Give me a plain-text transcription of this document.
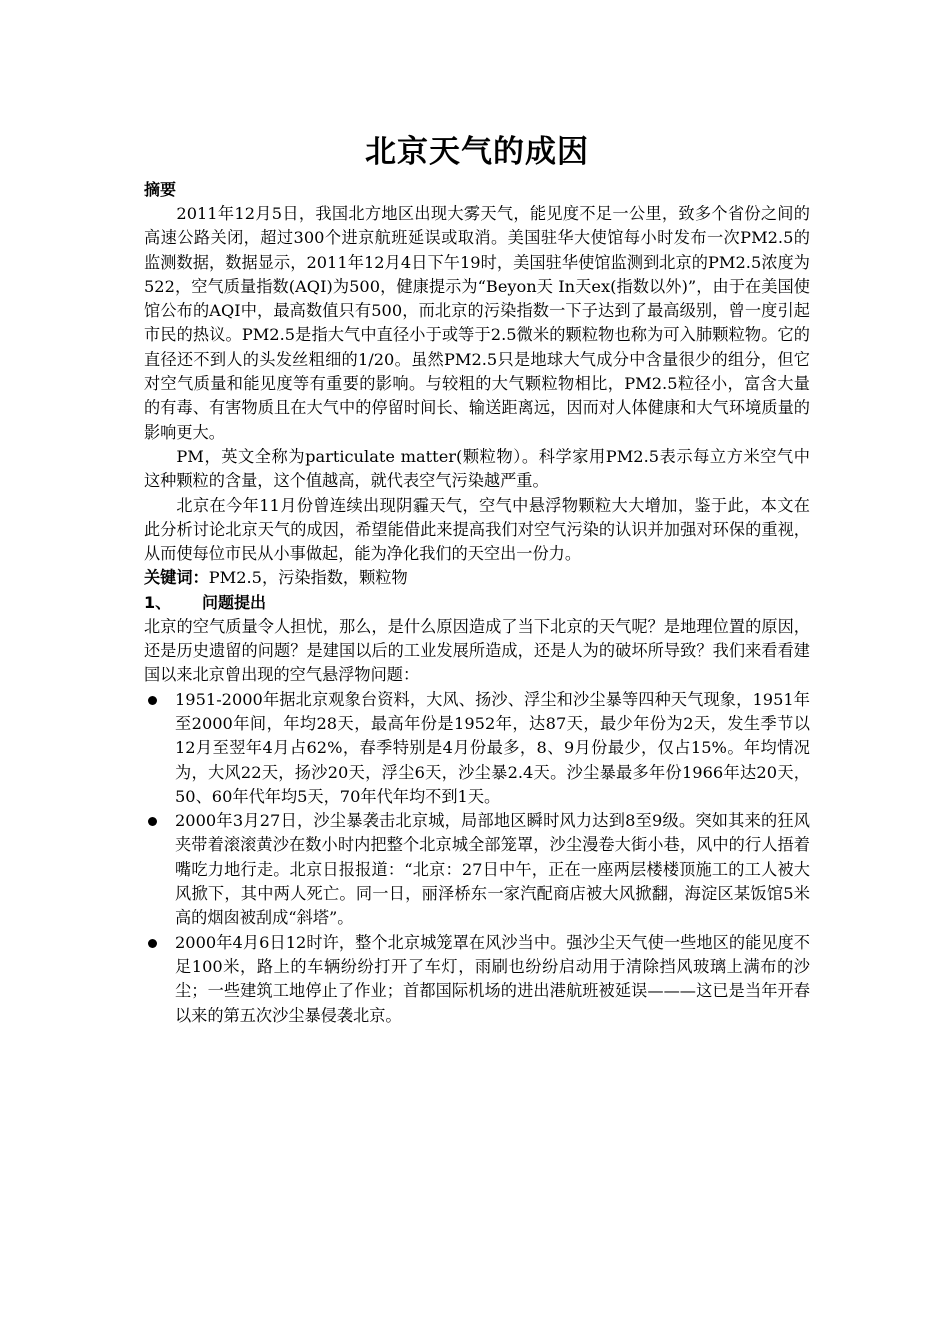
北京天气的成因
摘要

2011年12月5日，我国北方地区出现大雾天气，能见度不足一公里，致多个省份之间的高速公路关闭，超过300个进京航班延误或取消。美国驻华大使馆每小时发布一次PM2.5的监测数据，数据显示，2011年12月4日下午19时，美国驻华使馆监测到北京的PM2.5浓度为522，空气质量指数(AQI)为500，健康提示为“Beyon天 In天ex(指数以外)”，由于在美国使馆公布的AQI中，最高数值只有500，而北京的污染指数一下子达到了最高级别，曾一度引起市民的热议。PM2.5是指大气中直径小于或等于2.5微米的颗粒物也称为可入肺颗粒物。它的直径还不到人的头发丝粗细的1/20。虽然PM2.5只是地球大气成分中含量很少的组分，但它对空气质量和能见度等有重要的影响。与较粗的大气颗粒物相比，PM2.5粒径小，富含大量的有毒、有害物质且在大气中的停留时间长、输送距离远，因而对人体健康和大气环境质量的影响更大。

PM，英文全称为particulate matter(颗粒物）。科学家用PM2.5表示每立方米空气中这种颗粒的含量，这个值越高，就代表空气污染越严重。

北京在今年11月份曾连续出现阴霾天气，空气中悬浮物颗粒大大增加，鉴于此，本文在此分析讨论北京天气的成因，希望能借此来提高我们对空气污染的认识并加强对环保的重视，从而使每位市民从小事做起，能为净化我们的天空出一份力。

关键词：PM2.5，污染指数，颗粒物

1、 问题提出

北京的空气质量令人担忧，那么，是什么原因造成了当下北京的天气呢？是地理位置的原因，还是历史遗留的问题？是建国以后的工业发展所造成，还是人为的破坏所导致？我们来看看建国以来北京曾出现的空气悬浮物问题：

1951-2000年据北京观象台资料，大风、扬沙、浮尘和沙尘暴等四种天气现象，1951年至2000年间，年均28天，最高年份是1952年，达87天，最少年份为2天，发生季节以12月至翌年4月占62%，春季特别是4月份最多，8、9月份最少，仅占15%。年均情况为，大风22天，扬沙20天，浮尘6天，沙尘暴2.4天。沙尘暴最多年份1966年达20天，50、60年代年均5天，70年代年均不到1天。
2000年3月27日，沙尘暴袭击北京城，局部地区瞬时风力达到8至9级。突如其来的狂风夹带着滚滚黄沙在数小时内把整个北京城全部笼罩，沙尘漫卷大街小巷，风中的行人捂着嘴吃力地行走。北京日报报道：“北京：27日中午，正在一座两层楼楼顶施工的工人被大风掀下，其中两人死亡。同一日，丽泽桥东一家汽配商店被大风掀翻，海淀区某饭馆5米高的烟囱被刮成“斜塔”。
2000年4月6日12时许，整个北京城笼罩在风沙当中。强沙尘天气使一些地区的能见度不足100米，路上的车辆纷纷打开了车灯，雨刷也纷纷启动用于清除挡风玻璃上满布的沙尘；一些建筑工地停止了作业；首都国际机场的进出港航班被延误———这已是当年开春以来的第五次沙尘暴侵袭北京。
